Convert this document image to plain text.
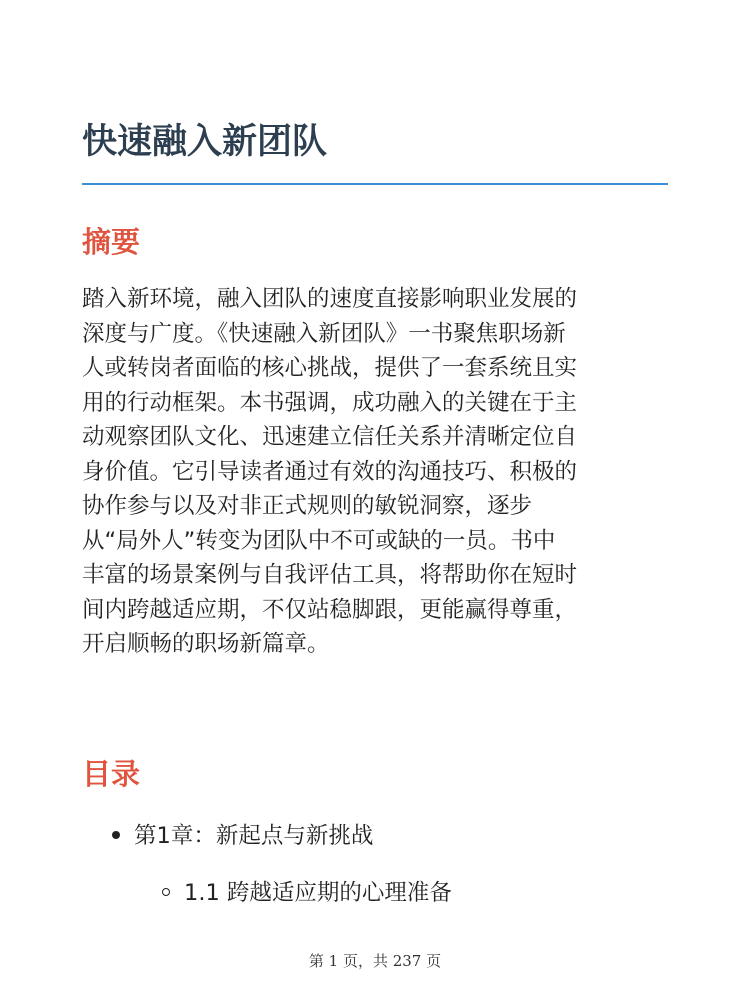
快速融入新团队
摘要

踏入新环境，融入团队的速度直接影响职业发展的
深度与广度。《快速融入新团队》一书聚焦职场新
人或转岗者面临的核心挑战，提供了一套系统且实
用的行动框架。本书强调，成功融入的关键在于主
动观察团队文化、迅速建立信任关系并清晰定位自
身价值。它引导读者通过有效的沟通技巧、积极的
协作参与以及对非正式规则的敏锐洞察，逐步
从“局外人”转变为团队中不可或缺的一员。书中
丰富的场景案例与自我评估工具，将帮助你在短时
间内跨越适应期，不仅站稳脚跟，更能赢得尊重，
开启顺畅的职场新篇章。

目录
第1章：新起点与新挑战
1.1 跨越适应期的心理准备
第 1 页，共 237 页
